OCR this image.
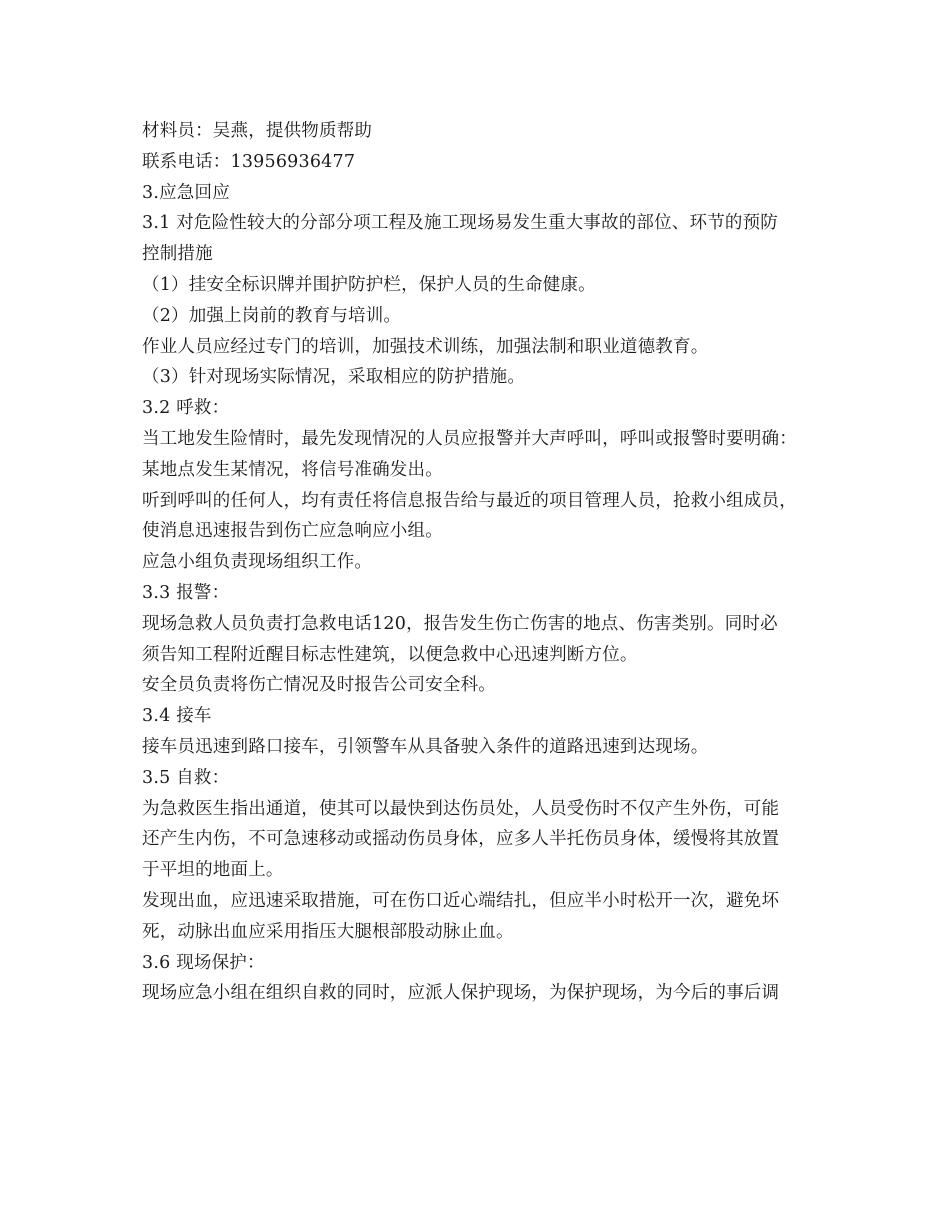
材料员：吴燕，提供物质帮助
联系电话：13956936477
3.应急回应
3.1 对危险性较大的分部分项工程及施工现场易发生重大事故的部位、环节的预防
控制措施
（1）挂安全标识牌并围护防护栏，保护人员的生命健康。
（2）加强上岗前的教育与培训。
作业人员应经过专门的培训，加强技术训练，加强法制和职业道德教育。
（3）针对现场实际情况，采取相应的防护措施。
3.2 呼救：
当工地发生险情时，最先发现情况的人员应报警并大声呼叫，呼叫或报警时要明确：
某地点发生某情况，将信号准确发出。
听到呼叫的任何人，均有责任将信息报告给与最近的项目管理人员，抢救小组成员，
使消息迅速报告到伤亡应急响应小组。
应急小组负责现场组织工作。
3.3 报警：
现场急救人员负责打急救电话120，报告发生伤亡伤害的地点、伤害类别。同时必
须告知工程附近醒目标志性建筑，以便急救中心迅速判断方位。
安全员负责将伤亡情况及时报告公司安全科。
3.4 接车
接车员迅速到路口接车，引领警车从具备驶入条件的道路迅速到达现场。
3.5 自救：
为急救医生指出通道，使其可以最快到达伤员处，人员受伤时不仅产生外伤，可能
还产生内伤，不可急速移动或摇动伤员身体，应多人半托伤员身体，缓慢将其放置
于平坦的地面上。
发现出血，应迅速采取措施，可在伤口近心端结扎，但应半小时松开一次，避免坏
死，动脉出血应采用指压大腿根部股动脉止血。
3.6 现场保护：
现场应急小组在组织自救的同时，应派人保护现场，为保护现场，为今后的事后调
